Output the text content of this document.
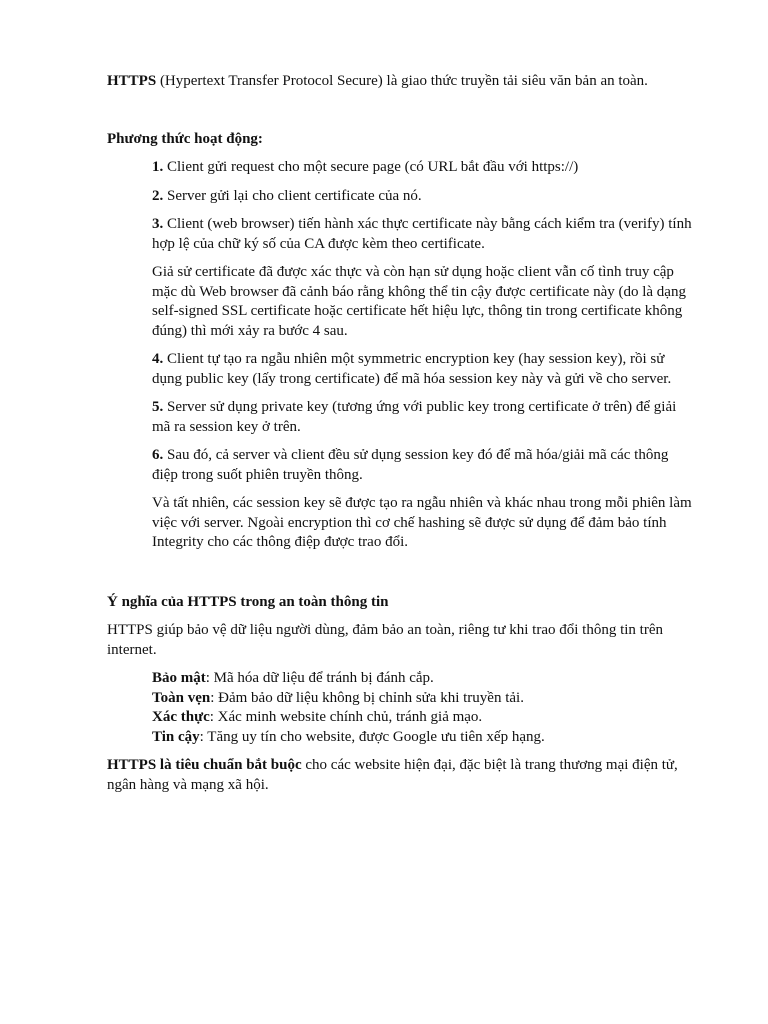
HTTPS (Hypertext Transfer Protocol Secure) là giao thức truyền tải siêu văn bản an toàn.

Phương thức hoạt động:

1. Client gửi request cho một secure page (có URL bắt đầu với https://)

2. Server gửi lại cho client certificate của nó.

3. Client (web browser) tiến hành xác thực certificate này bằng cách kiểm tra (verify) tính hợp lệ của chữ ký số của CA được kèm theo certificate.

Giả sử certificate đã được xác thực và còn hạn sử dụng hoặc client vẫn cố tình truy cập mặc dù Web browser đã cảnh báo rằng không thể tin cậy được certificate này (do là dạng self-signed SSL certificate hoặc certificate hết hiệu lực, thông tin trong certificate không đúng) thì mới xảy ra bước 4 sau.

4. Client tự tạo ra ngẫu nhiên một symmetric encryption key (hay session key), rồi sử dụng public key (lấy trong certificate) để mã hóa session key này và gửi về cho server.

5. Server sử dụng private key (tương ứng với public key trong certificate ở trên) để giải mã ra session key ở trên.

6. Sau đó, cả server và client đều sử dụng session key đó để mã hóa/giải mã các thông điệp trong suốt phiên truyền thông.

Và tất nhiên, các session key sẽ được tạo ra ngẫu nhiên và khác nhau trong mỗi phiên làm việc với server. Ngoài encryption thì cơ chế hashing sẽ được sử dụng để đảm bảo tính Integrity cho các thông điệp được trao đổi.

Ý nghĩa của HTTPS trong an toàn thông tin

HTTPS giúp bảo vệ dữ liệu người dùng, đảm bảo an toàn, riêng tư khi trao đổi thông tin trên internet.

Bảo mật: Mã hóa dữ liệu để tránh bị đánh cắp.

Toàn vẹn: Đảm bảo dữ liệu không bị chỉnh sửa khi truyền tải.

Xác thực: Xác minh website chính chủ, tránh giả mạo.

Tin cậy: Tăng uy tín cho website, được Google ưu tiên xếp hạng.

HTTPS là tiêu chuẩn bắt buộc cho các website hiện đại, đặc biệt là trang thương mại điện tử, ngân hàng và mạng xã hội.
